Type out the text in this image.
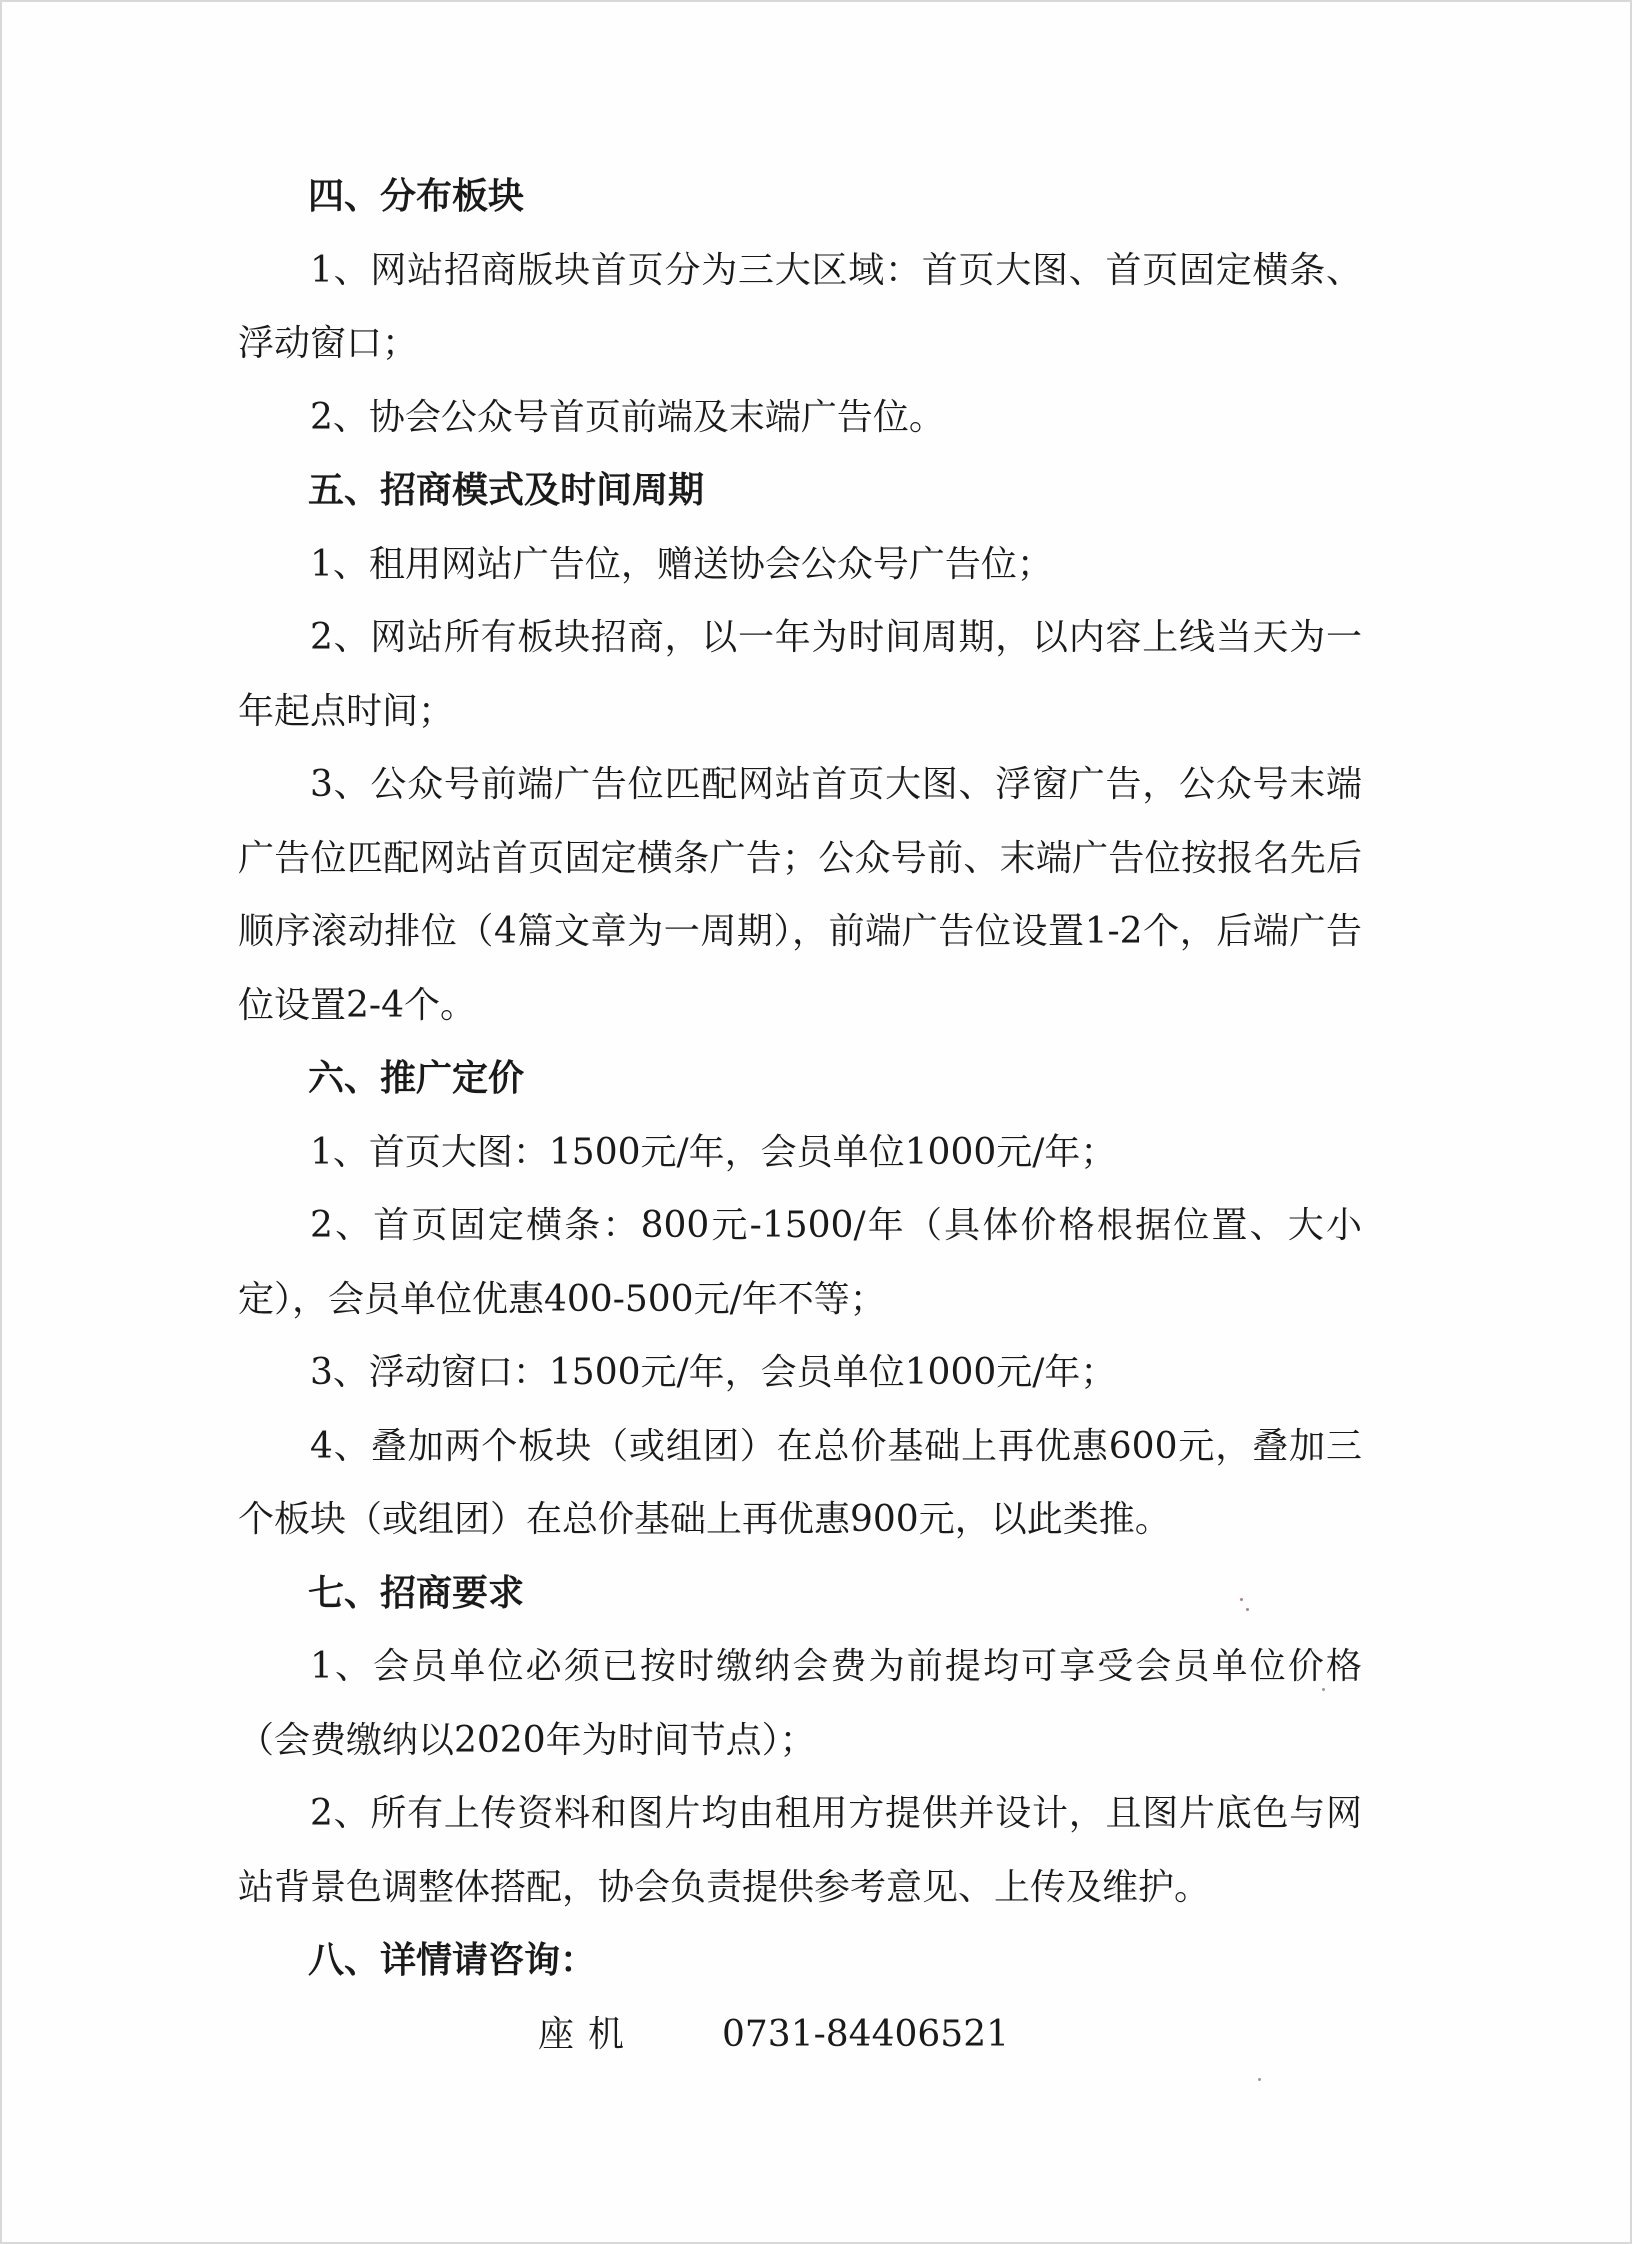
四、分布板块

1、网站招商版块首页分为三大区域：首页大图、首页固定横条、浮动窗口；

2、协会公众号首页前端及末端广告位。

五、招商模式及时间周期

1、租用网站广告位，赠送协会公众号广告位；

2、网站所有板块招商，以一年为时间周期，以内容上线当天为一年起点时间；

3、公众号前端广告位匹配网站首页大图、浮窗广告，公众号末端广告位匹配网站首页固定横条广告；公众号前、末端广告位按报名先后顺序滚动排位（4篇文章为一周期），前端广告位设置1-2个，后端广告位设置2-4个。

六、推广定价

1、首页大图：1500元/年，会员单位1000元/年；

2、首页固定横条：800元-1500/年（具体价格根据位置、大小定），会员单位优惠400-500元/年不等；

3、浮动窗口：1500元/年，会员单位1000元/年；

4、叠加两个板块（或组团）在总价基础上再优惠600元，叠加三个板块（或组团）在总价基础上再优惠900元，以此类推。

七、招商要求

1、会员单位必须已按时缴纳会费为前提均可享受会员单位价格（会费缴纳以2020年为时间节点）；

2、所有上传资料和图片均由租用方提供并设计，且图片底色与网站背景色调整体搭配，协会负责提供参考意见、上传及维护。

八、详情请咨询：

座机 0731-84406521
